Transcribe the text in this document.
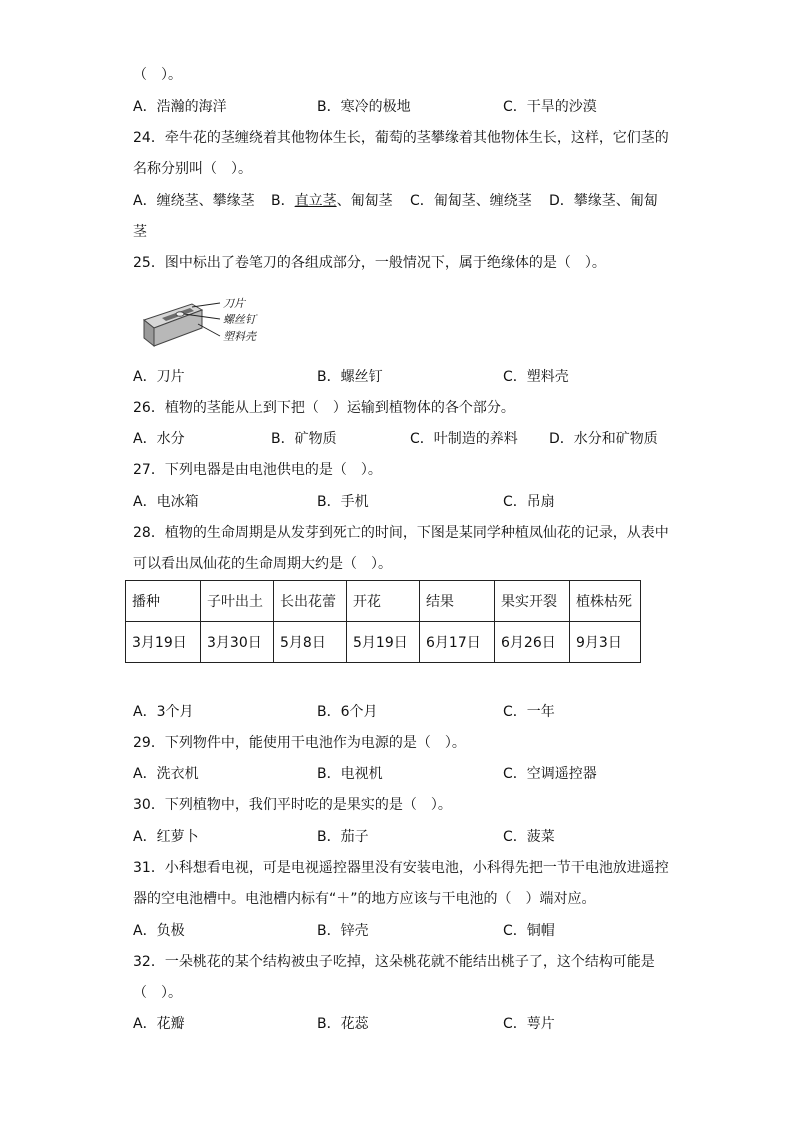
（　）。
A．浩瀚的海洋	B．寒冷的极地	C．干旱的沙漠
24．牵牛花的茎缠绕着其他物体生长，葡萄的茎攀缘着其他物体生长，这样，它们茎的
名称分别叫（　）。
A．缠绕茎、攀缘茎 B．直立茎、匍匐茎 C．匍匐茎、缠绕茎 D．攀缘茎、匍匐
茎
25．图中标出了卷笔刀的各组成部分，一般情况下，属于绝缘体的是（　）。
刀片
螺丝钉
塑料壳
A．刀片	B．螺丝钉	C．塑料壳
26．植物的茎能从上到下把（　）运输到植物体的各个部分。
A．水分	B．矿物质	C．叶制造的养料 D．水分和矿物质
27．下列电器是由电池供电的是（　）。
A．电冰箱	B．手机	C．吊扇
28．植物的生命周期是从发芽到死亡的时间，下图是某同学种植凤仙花的记录，从表中
可以看出凤仙花的生命周期大约是（　）。
播种	子叶出土	长出花蕾	开花	结果	果实开裂	植株枯死
3月19日	3月30日	5月8日	5月19日	6月17日	6月26日	9月3日
A．3个月	B．6个月	C．一年
29．下列物件中，能使用干电池作为电源的是（　）。
A．洗衣机	B．电视机	C．空调遥控器
30．下列植物中，我们平时吃的是果实的是（　）。
A．红萝卜	B．茄子	C．菠菜
31．小科想看电视，可是电视遥控器里没有安装电池，小科得先把一节干电池放进遥控
器的空电池槽中。电池槽内标有“＋”的地方应该与干电池的（　）端对应。
A．负极	B．锌壳	C．铜帽
32．一朵桃花的某个结构被虫子吃掉，这朵桃花就不能结出桃子了，这个结构可能是
（　）。
A．花瓣	B．花蕊	C．萼片
